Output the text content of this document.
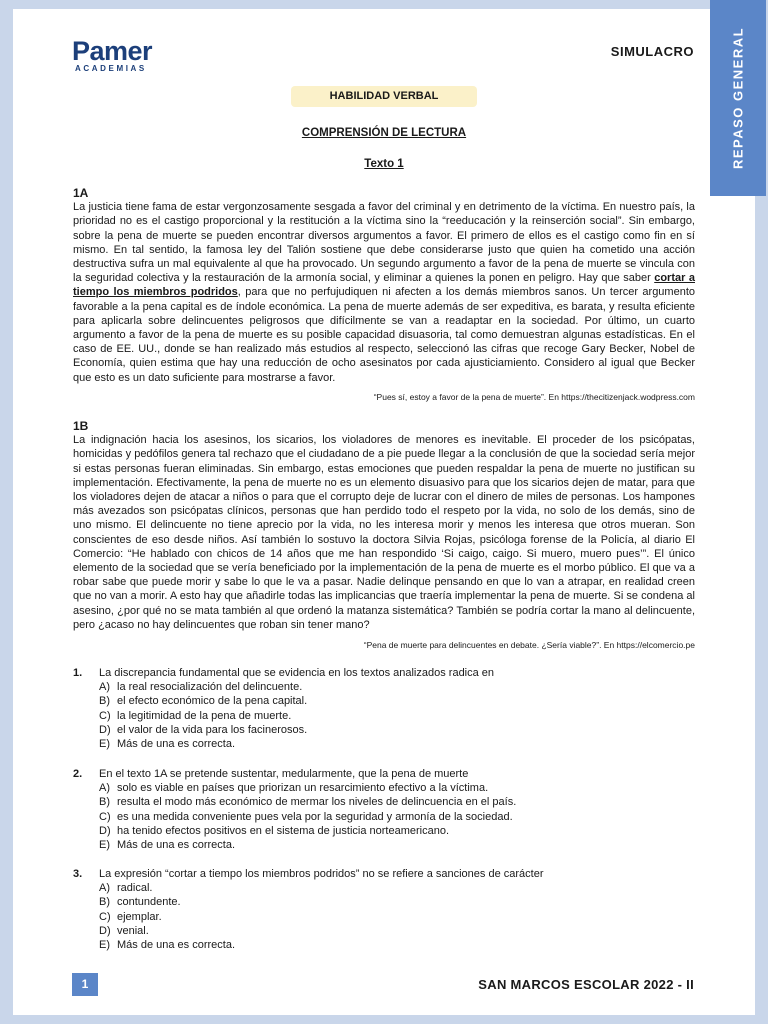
REPASO GENERAL
Pamer
ACADEMIAS
SIMULACRO
HABILIDAD VERBAL
COMPRENSIÓN DE LECTURA
Texto 1
1A
La justicia tiene fama de estar vergonzosamente sesgada a favor del criminal y en detrimento de la víctima. En nuestro país, la prioridad no es el castigo proporcional y la restitución a la víctima sino la “reeducación y la reinserción social”. Sin embargo, sobre la pena de muerte se pueden encontrar diversos argumentos a favor. El primero de ellos es el castigo como fin en sí mismo. En tal sentido, la famosa ley del Talión sostiene que debe considerarse justo que quien ha cometido una acción destructiva sufra un mal equivalente al que ha provocado. Un segundo argumento a favor de la pena de muerte se vincula con la seguridad colectiva y la restauración de la armonía social, y eliminar a quienes la ponen en peligro. Hay que saber cortar a tiempo los miembros podridos, para que no perfujudiquen ni afecten a los demás miembros sanos. Un tercer argumento favorable a la pena capital es de índole económica. La pena de muerte además de ser expeditiva, es barata, y resulta eficiente para aplicarla sobre delincuentes peligrosos que difícilmente se van a readaptar en la sociedad. Por último, un cuarto argumento a favor de la pena de muerte es su posible capacidad disuasoria, tal como demuestran algunas estadísticas. En el caso de EE. UU., donde se han realizado más estudios al respecto, seleccionó las cifras que recoge Gary Becker, Nobel de Economía, quien estima que hay una reducción de ocho asesinatos por cada ajusticiamiento. Considero al igual que Becker que esto es un dato suficiente para mostrarse a favor.
“Pues sí, estoy a favor de la pena de muerte”. En https://thecitizenjack.wodpress.com
1B
La indignación hacia los asesinos, los sicarios, los violadores de menores es inevitable. El proceder de los psicópatas, homicidas y pedófilos genera tal rechazo que el ciudadano de a pie puede llegar a la conclusión de que la sociedad sería mejor si estas personas fueran eliminadas. Sin embargo, estas emociones que pueden respaldar la pena de muerte no justifican su implementación. Efectivamente, la pena de muerte no es un elemento disuasivo para que los sicarios dejen de matar, para que los violadores dejen de atacar a niños o para que el corrupto deje de lucrar con el dinero de miles de personas. Los hampones más avezados son psicópatas clínicos, personas que han perdido todo el respeto por la vida, no solo de los demás, sino de uno mismo. El delincuente no tiene aprecio por la vida, no les interesa morir y menos les interesa que otros mueran. Son conscientes de eso desde niños. Así también lo sostuvo la doctora Silvia Rojas, psicóloga forense de la Policía, al diario El Comercio: “He hablado con chicos de 14 años que me han respondido ‘Si caigo, caigo. Si muero, muero pues’”. El único elemento de la sociedad que se vería beneficiado por la implementación de la pena de muerte es el morbo público. El que va a robar sabe que puede morir y sabe lo que le va a pasar. Nadie delinque pensando en que lo van a atrapar, en realidad creen que no van a morir. A esto hay que añadirle todas las implicancias que traería implementar la pena de muerte. Si se condena al asesino, ¿por qué no se mata también al que ordenó la matanza sistemática? También se podría cortar la mano al delincuente, pero ¿acaso no hay delincuentes que roban sin tener mano?
“Pena de muerte para delincuentes en debate. ¿Sería viable?”. En https://elcomercio.pe
1. La discrepancia fundamental que se evidencia en los textos analizados radica en
A) la real resocialización del delincuente.
B) el efecto económico de la pena capital.
C) la legitimidad de la pena de muerte.
D) el valor de la vida para los facinerosos.
E) Más de una es correcta.
2. En el texto 1A se pretende sustentar, medularmente, que la pena de muerte
A) solo es viable en países que priorizan un resarcimiento efectivo a la víctima.
B) resulta el modo más económico de mermar los niveles de delincuencia en el país.
C) es una medida conveniente pues vela por la seguridad y armonía de la sociedad.
D) ha tenido efectos positivos en el sistema de justicia norteamericano.
E) Más de una es correcta.
3. La expresión “cortar a tiempo los miembros podridos” no se refiere a sanciones de carácter
A) radical.
B) contundente.
C) ejemplar.
D) venial.
E) Más de una es correcta.
1	SAN MARCOS ESCOLAR 2022 - II
